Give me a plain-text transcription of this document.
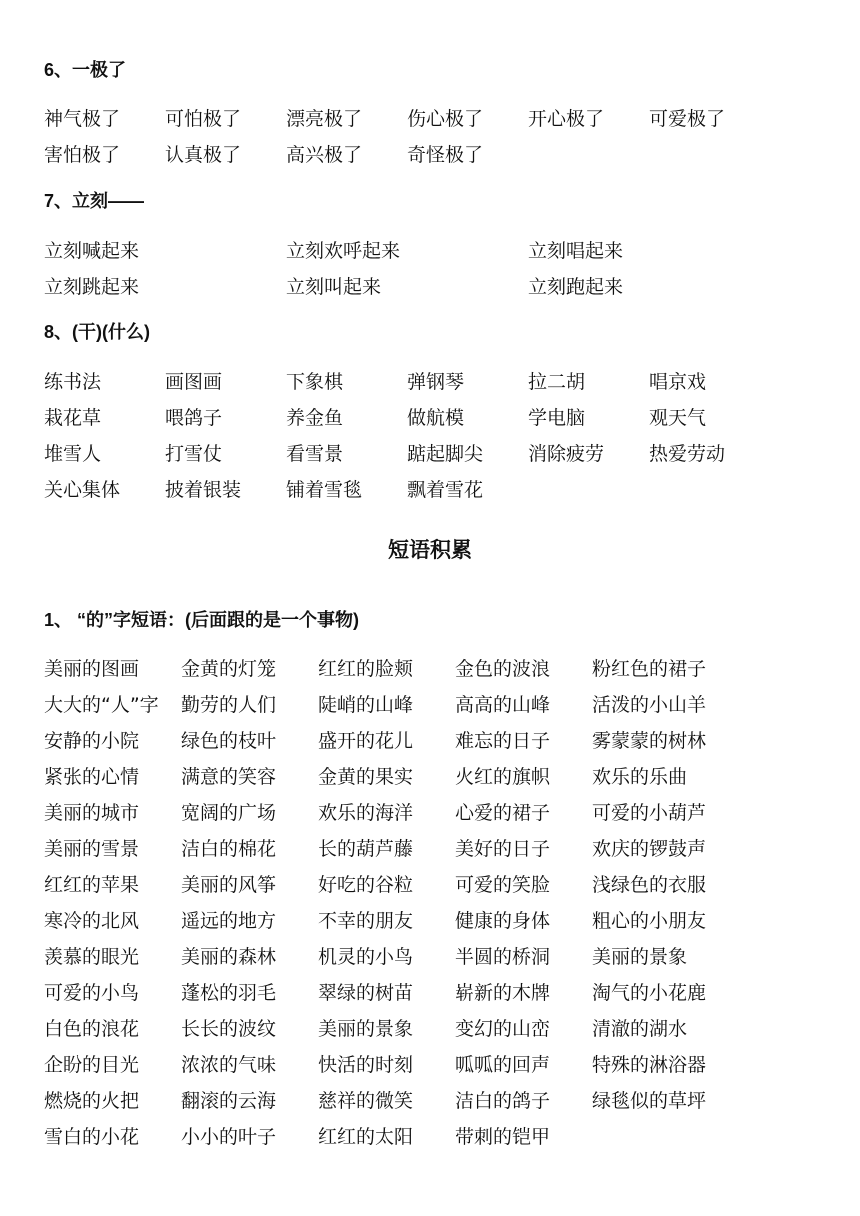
6、一极了
神气极了	可怕极了	漂亮极了	伤心极了	开心极了	可爱极了
害怕极了	认真极了	高兴极了	奇怪极了
7、立刻——
立刻喊起来	立刻欢呼起来	立刻唱起来
立刻跳起来	立刻叫起来	立刻跑起来
8、(干)(什么)
练书法	画图画	下象棋	弹钢琴	拉二胡	唱京戏
栽花草	喂鸽子	养金鱼	做航模	学电脑	观天气
堆雪人	打雪仗	看雪景	踮起脚尖	消除疲劳	热爱劳动
关心集体	披着银装	铺着雪毯	飘着雪花
短语积累
1、 “的”字短语：(后面跟的是一个事物)
美丽的图画	金黄的灯笼	红红的脸颊	金色的波浪	粉红色的裙子
大大的“人”字	勤劳的人们	陡峭的山峰	高高的山峰	活泼的小山羊
安静的小院	绿色的枝叶	盛开的花儿	难忘的日子	雾蒙蒙的树林
紧张的心情	满意的笑容	金黄的果实	火红的旗帜	欢乐的乐曲
美丽的城市	宽阔的广场	欢乐的海洋	心爱的裙子	可爱的小葫芦
美丽的雪景	洁白的棉花	长的葫芦藤	美好的日子	欢庆的锣鼓声
红红的苹果	美丽的风筝	好吃的谷粒	可爱的笑脸	浅绿色的衣服
寒冷的北风	遥远的地方	不幸的朋友	健康的身体	粗心的小朋友
羡慕的眼光	美丽的森林	机灵的小鸟	半圆的桥洞	美丽的景象
可爱的小鸟	蓬松的羽毛	翠绿的树苗	崭新的木牌	淘气的小花鹿
白色的浪花	长长的波纹	美丽的景象	变幻的山峦	清澈的湖水
企盼的目光	浓浓的气味	快活的时刻	呱呱的回声	特殊的淋浴器
燃烧的火把	翻滚的云海	慈祥的微笑	洁白的鸽子	绿毯似的草坪
雪白的小花	小小的叶子	红红的太阳	带刺的铠甲
